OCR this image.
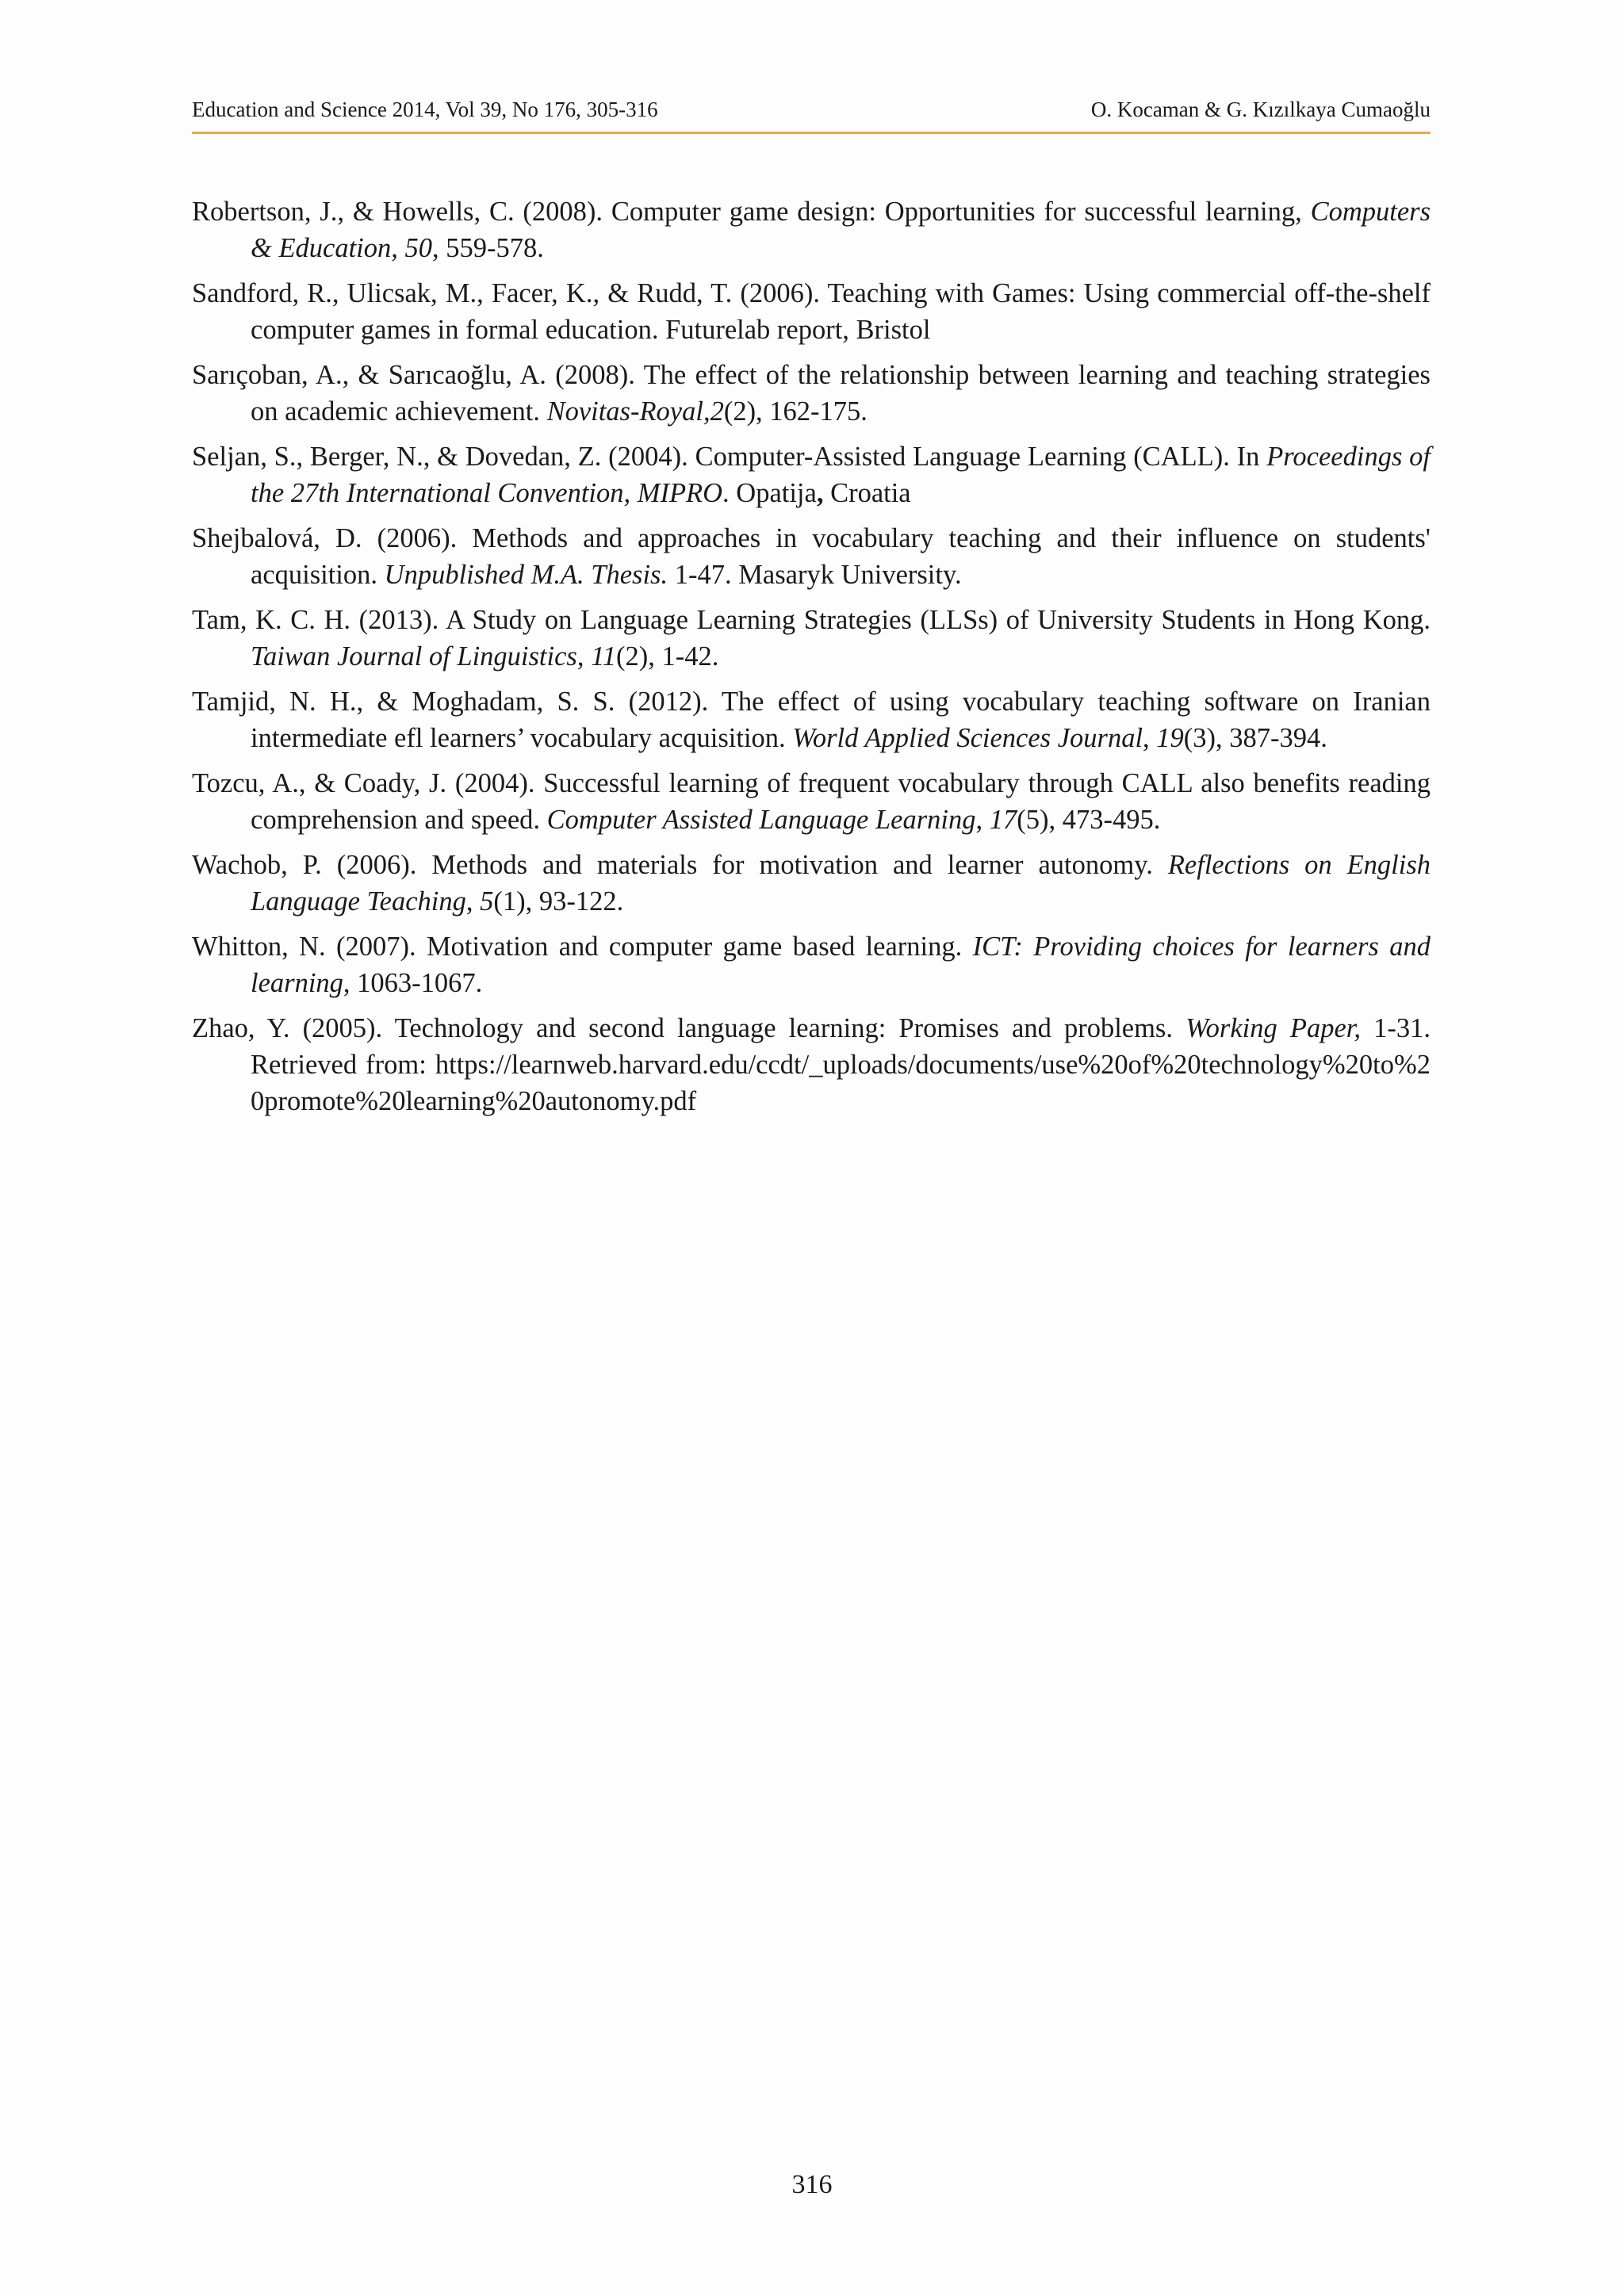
Education and Science 2014, Vol 39, No 176, 305-316	O. Kocaman & G. Kızılkaya Cumaoğlu

Robertson, J., & Howells, C. (2008). Computer game design: Opportunities for successful learning, Computers & Education, 50, 559-578.

Sandford, R., Ulicsak, M., Facer, K., & Rudd, T. (2006). Teaching with Games: Using commercial off-the-shelf computer games in formal education. Futurelab report, Bristol

Sarıçoban, A., & Sarıcaoğlu, A. (2008). The effect of the relationship between learning and teaching strategies on academic achievement. Novitas-Royal,2(2), 162-175.

Seljan, S., Berger, N., & Dovedan, Z. (2004). Computer-Assisted Language Learning (CALL). In Proceedings of the 27th International Convention, MIPRO. Opatija, Croatia

Shejbalová, D. (2006). Methods and approaches in vocabulary teaching and their influence on students' acquisition. Unpublished M.A. Thesis. 1-47. Masaryk University.

Tam, K. C. H. (2013). A Study on Language Learning Strategies (LLSs) of University Students in Hong Kong. Taiwan Journal of Linguistics, 11(2), 1-42.

Tamjid, N. H., & Moghadam, S. S. (2012). The effect of using vocabulary teaching software on Iranian intermediate efl learners’ vocabulary acquisition. World Applied Sciences Journal, 19(3), 387-394.

Tozcu, A., & Coady, J. (2004). Successful learning of frequent vocabulary through CALL also benefits reading comprehension and speed. Computer Assisted Language Learning, 17(5), 473-495.

Wachob, P. (2006). Methods and materials for motivation and learner autonomy. Reflections on English Language Teaching, 5(1), 93-122.

Whitton, N. (2007). Motivation and computer game based learning. ICT: Providing choices for learners and learning, 1063-1067.

Zhao, Y. (2005). Technology and second language learning: Promises and problems. Working Paper, 1-31. Retrieved from: https://learnweb.harvard.edu/ccdt/_uploads/documents/use%20of%20technology%20to%20promote%20learning%20autonomy.pdf

316
